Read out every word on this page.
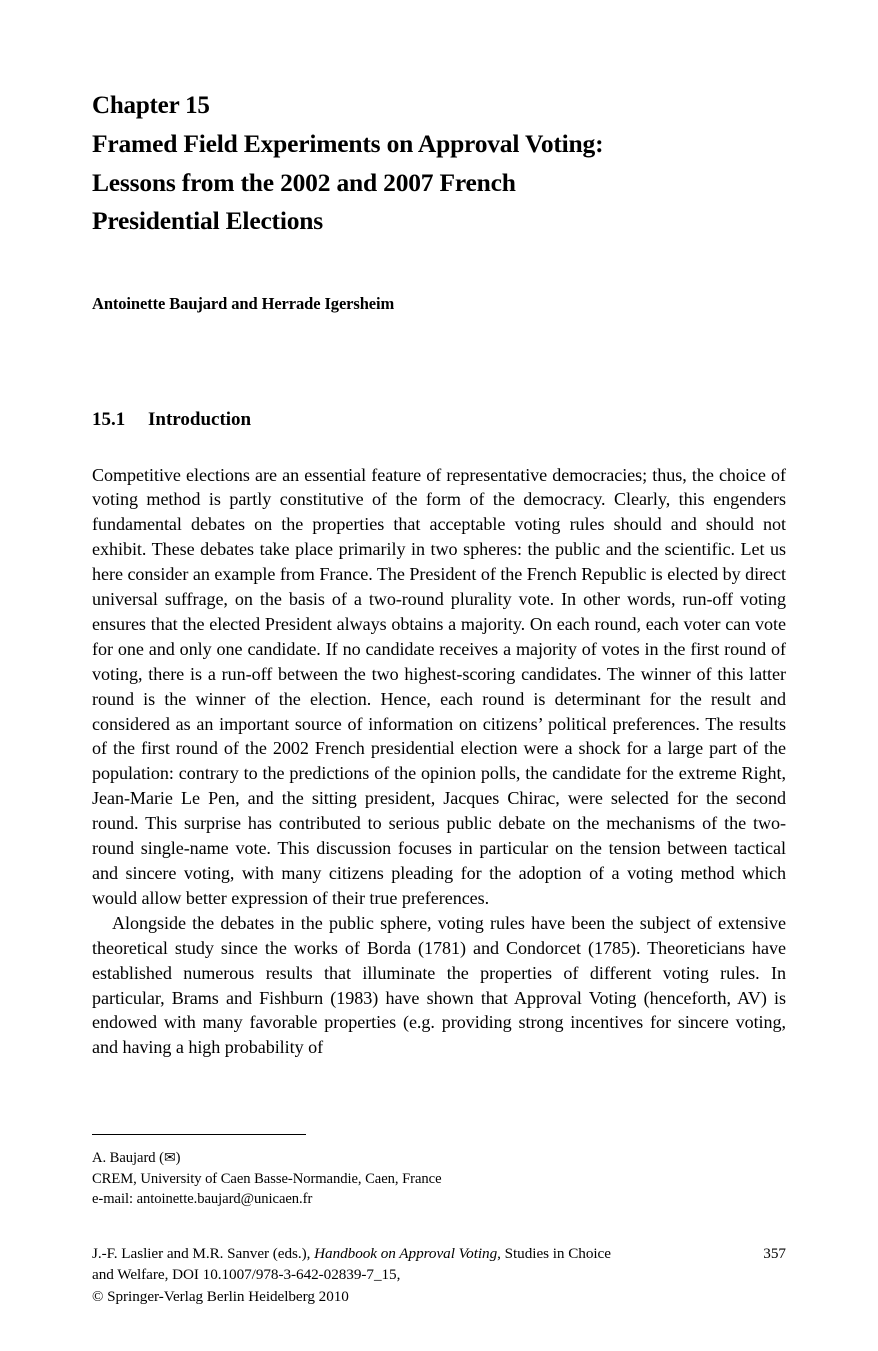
Chapter 15
Framed Field Experiments on Approval Voting:
Lessons from the 2002 and 2007 French
Presidential Elections
Antoinette Baujard and Herrade Igersheim
15.1	Introduction

Competitive elections are an essential feature of representative democracies; thus, the choice of voting method is partly constitutive of the form of the democracy. Clearly, this engenders fundamental debates on the properties that acceptable voting rules should and should not exhibit. These debates take place primarily in two spheres: the public and the scientific. Let us here consider an example from France. The President of the French Republic is elected by direct universal suffrage, on the basis of a two-round plurality vote. In other words, run-off voting ensures that the elected President always obtains a majority. On each round, each voter can vote for one and only one candidate. If no candidate receives a majority of votes in the first round of voting, there is a run-off between the two highest-scoring candidates. The winner of this latter round is the winner of the election. Hence, each round is determinant for the result and considered as an important source of information on citizens’ political preferences. The results of the first round of the 2002 French presidential election were a shock for a large part of the population: contrary to the predictions of the opinion polls, the candidate for the extreme Right, Jean-Marie Le Pen, and the sitting president, Jacques Chirac, were selected for the second round. This surprise has contributed to serious public debate on the mechanisms of the two-round single-name vote. This discussion focuses in particular on the tension between tactical and sincere voting, with many citizens pleading for the adoption of a voting method which would allow better expression of their true preferences.

Alongside the debates in the public sphere, voting rules have been the subject of extensive theoretical study since the works of Borda (1781) and Condorcet (1785). Theoreticians have established numerous results that illuminate the properties of different voting rules. In particular, Brams and Fishburn (1983) have shown that Approval Voting (henceforth, AV) is endowed with many favorable properties (e.g. providing strong incentives for sincere voting, and having a high probability of

A. Baujard (✉)
CREM, University of Caen Basse-Normandie, Caen, France
e-mail: antoinette.baujard@unicaen.fr
J.-F. Laslier and M.R. Sanver (eds.), Handbook on Approval Voting, Studies in Choice	357
and Welfare, DOI 10.1007/978-3-642-02839-7_15,
© Springer-Verlag Berlin Heidelberg 2010
